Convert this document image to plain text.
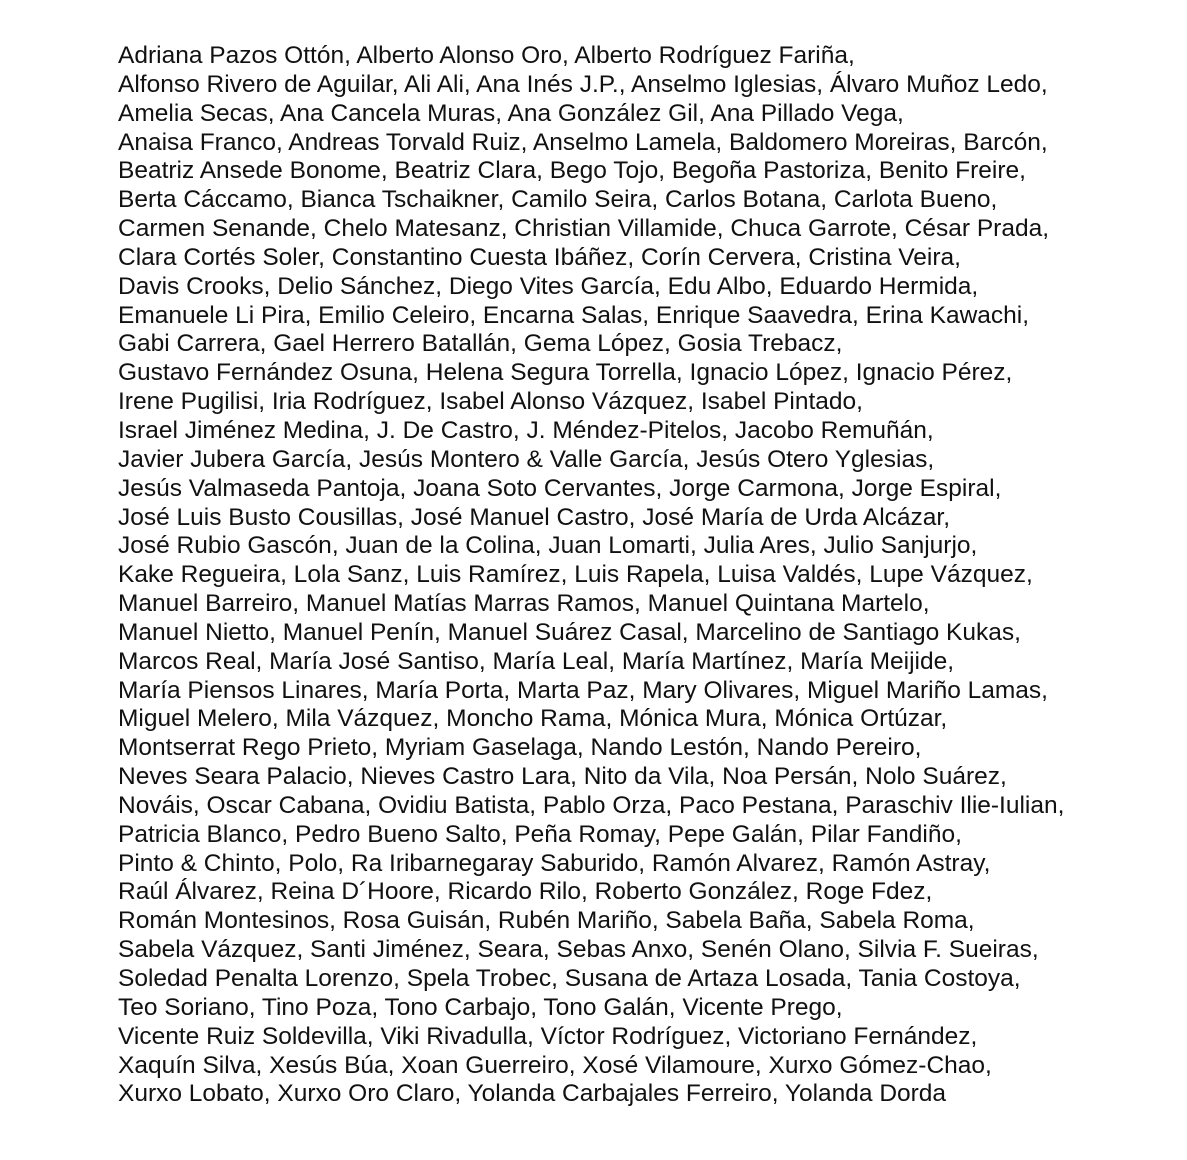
Adriana Pazos Ottón, Alberto Alonso Oro, Alberto Rodríguez Fariña,
Alfonso Rivero de Aguilar, Ali Ali, Ana Inés J.P., Anselmo Iglesias, Álvaro Muñoz Ledo,
Amelia Secas, Ana Cancela Muras, Ana González Gil, Ana Pillado Vega,
Anaisa Franco, Andreas Torvald Ruiz, Anselmo Lamela, Baldomero Moreiras, Barcón,
Beatriz Ansede Bonome, Beatriz Clara, Bego Tojo, Begoña Pastoriza, Benito Freire,
Berta Cáccamo, Bianca Tschaikner, Camilo Seira, Carlos Botana, Carlota Bueno,
Carmen Senande, Chelo Matesanz, Christian Villamide, Chuca Garrote, César Prada,
Clara Cortés Soler, Constantino Cuesta Ibáñez, Corín Cervera, Cristina Veira,
Davis Crooks, Delio Sánchez, Diego Vites García, Edu Albo, Eduardo Hermida,
Emanuele Li Pira, Emilio Celeiro, Encarna Salas, Enrique Saavedra, Erina Kawachi,
Gabi Carrera, Gael Herrero Batallán, Gema López, Gosia Trebacz,
Gustavo Fernández Osuna, Helena Segura Torrella, Ignacio López, Ignacio Pérez,
Irene Pugilisi, Iria Rodríguez, Isabel Alonso Vázquez, Isabel Pintado,
Israel Jiménez Medina, J. De Castro, J. Méndez-Pitelos, Jacobo Remuñán,
Javier Jubera García, Jesús Montero & Valle García, Jesús Otero Yglesias,
Jesús Valmaseda Pantoja, Joana Soto Cervantes, Jorge Carmona, Jorge Espiral,
José Luis Busto Cousillas, José Manuel Castro, José María de Urda Alcázar,
José Rubio Gascón, Juan de la Colina, Juan Lomarti, Julia Ares, Julio Sanjurjo,
Kake Regueira, Lola Sanz, Luis Ramírez, Luis Rapela, Luisa Valdés, Lupe Vázquez,
Manuel Barreiro, Manuel Matías Marras Ramos, Manuel Quintana Martelo,
Manuel Nietto, Manuel Penín, Manuel Suárez Casal, Marcelino de Santiago Kukas,
Marcos Real, María José Santiso, María Leal, María Martínez, María Meijide,
María Piensos Linares, María Porta, Marta Paz, Mary Olivares, Miguel Mariño Lamas,
Miguel Melero, Mila Vázquez, Moncho Rama, Mónica Mura, Mónica Ortúzar,
Montserrat Rego Prieto, Myriam Gaselaga, Nando Lestón, Nando Pereiro,
Neves Seara Palacio, Nieves Castro Lara, Nito da Vila, Noa Persán, Nolo Suárez,
Nováis, Oscar Cabana, Ovidiu Batista, Pablo Orza, Paco Pestana, Paraschiv Ilie-Iulian,
Patricia Blanco, Pedro Bueno Salto, Peña Romay, Pepe Galán, Pilar Fandiño,
Pinto & Chinto, Polo, Ra Iribarnegaray Saburido, Ramón Alvarez, Ramón Astray,
Raúl Álvarez, Reina D´Hoore, Ricardo Rilo, Roberto González, Roge Fdez,
Román Montesinos, Rosa Guisán, Rubén Mariño, Sabela Baña, Sabela Roma,
Sabela Vázquez, Santi Jiménez, Seara, Sebas Anxo, Senén Olano, Silvia F. Sueiras,
Soledad Penalta Lorenzo, Spela Trobec, Susana de Artaza Losada, Tania Costoya,
Teo Soriano, Tino Poza, Tono Carbajo, Tono Galán, Vicente Prego,
Vicente Ruiz Soldevilla, Viki Rivadulla, Víctor Rodríguez, Victoriano Fernández,
Xaquín Silva, Xesús Búa, Xoan Guerreiro, Xosé Vilamoure, Xurxo Gómez-Chao,
Xurxo Lobato, Xurxo Oro Claro, Yolanda Carbajales Ferreiro, Yolanda Dorda
